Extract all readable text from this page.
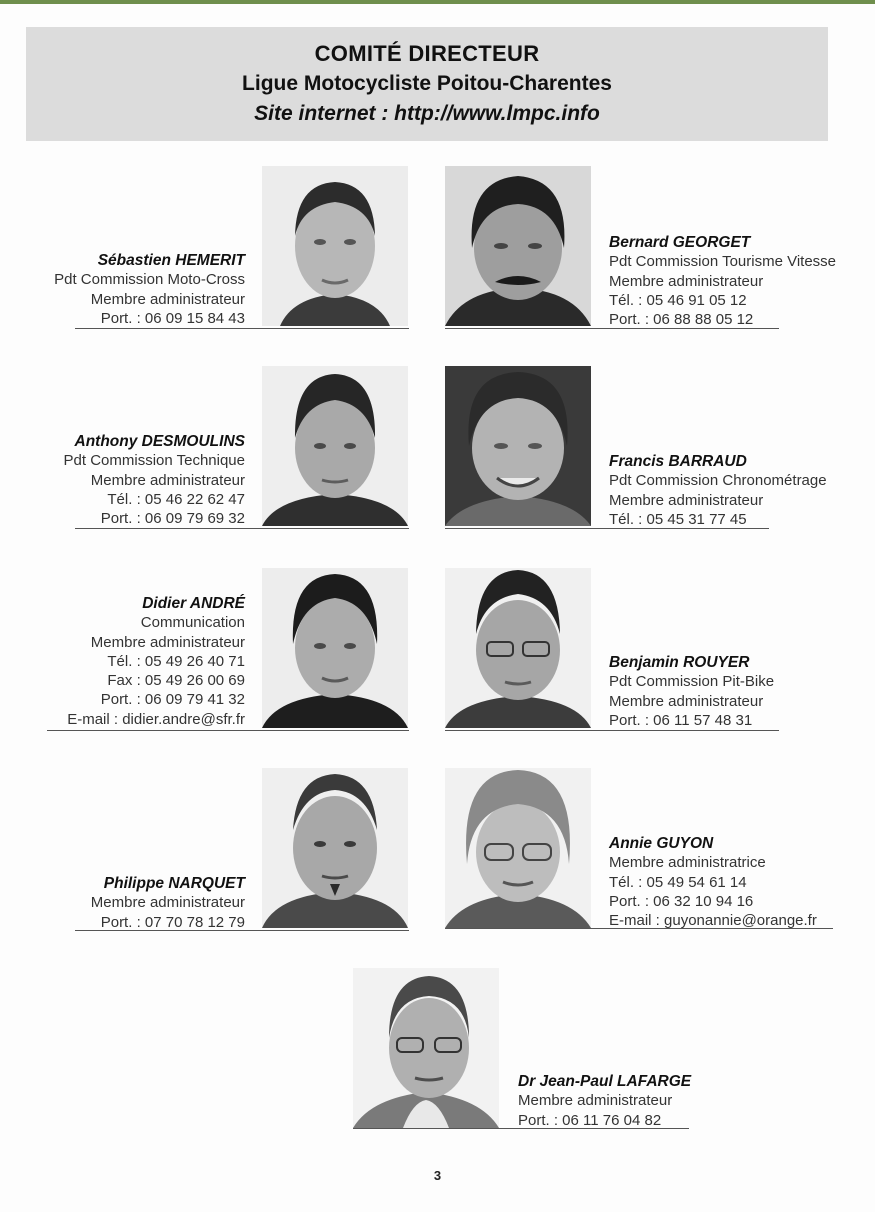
COMITÉ DIRECTEUR
Ligue Motocycliste Poitou-Charentes
Site internet : http://www.lmpc.info
Sébastien HEMERIT
Pdt Commission Moto-Cross
Membre administrateur
Port. : 06 09 15 84 43
Bernard GEORGET
Pdt Commission Tourisme Vitesse
Membre administrateur
Tél. : 05 46 91 05 12
Port. : 06 88 88 05 12
Anthony DESMOULINS
Pdt Commission Technique
Membre administrateur
Tél. : 05 46 22 62 47
Port. : 06 09 79 69 32
Francis BARRAUD
Pdt Commission Chronométrage
Membre administrateur
Tél. : 05 45 31 77 45
Didier ANDRÉ
Communication
Membre administrateur
Tél. : 05 49 26 40 71
Fax : 05 49 26 00 69
Port. : 06 09 79 41 32
E-mail : didier.andre@sfr.fr
Benjamin ROUYER
Pdt Commission Pit-Bike
Membre administrateur
Port. : 06 11 57 48 31
Philippe NARQUET
Membre administrateur
Port. : 07 70 78 12 79
Annie GUYON
Membre administratrice
Tél. : 05 49 54 61 14
Port. : 06 32 10 94 16
E-mail : guyonannie@orange.fr
Dr Jean-Paul LAFARGE
Membre administrateur
Port. : 06 11 76 04 82
3
